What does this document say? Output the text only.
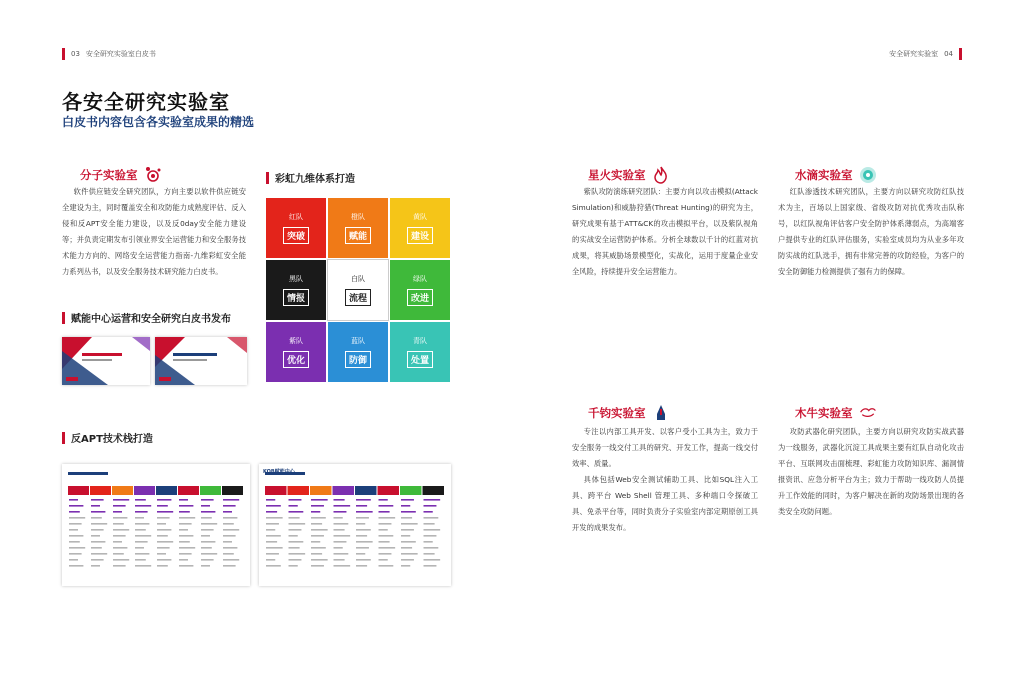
03 安全研究实验室白皮书	安全研究实验室 04
各安全研究实验室
白皮书内容包含各实验室成果的精选
分子实验室

软件供应链安全研究团队，方向主要以软件供应链安全建设为主，同时覆盖安全和攻防能力成熟度评估、反入侵和反APT安全能力建设，以及反0day安全能力建设等；并负责定期发布引领业界安全运营能力和安全服务技术能力方向的、网络安全运营能力指南-九维彩虹安全能力系列丛书，以及安全服务技术研究能力白皮书。

彩虹九维体系打造
红队
突破
橙队
赋能
黄队
建设
黑队
情报
白队
流程
绿队
改进
紫队
优化
蓝队
防御
青队
处置
赋能中心运营和安全研究白皮书发布
反APT技术栈打造
KOB赋能中心
星火实验室

紫队攻防演练研究团队：主要方向以攻击模拟(Attack Simulation)和威胁狩猎(Threat Hunting)的研究为主，研究成果有基于ATT&CK的攻击模拟平台，以及紫队视角的实战安全运营防护体系。分析全球数以千计的红蓝对抗成果，将其威胁场景模型化，实战化，运用于度量企业安全风险，持续提升安全运营能力。

水滴实验室

红队渗透技术研究团队，主要方向以研究攻防红队技术为主，百场以上国家级、省级攻防对抗优秀攻击队称号，以红队视角评估客户安全防护体系薄弱点，为高端客户提供专业的红队评估服务，实验室成员均为从业多年攻防实战的红队选手，拥有非常完善的攻防经验，为客户的安全防御能力检测提供了强有力的保障。

千钧实验室

专注以内部工具开发、以客户受小工具为主，致力于安全服务一线交付工具的研究、开发工作，提高一线交付效率、质量。

具体包括Web安全测试辅助工具、比如SQL注入工具、跨平台 Web Shell 管理工具、多种端口令探破工具、免杀平台等，同时负责分子实验室内部定期原创工具开发的成果发布。

木牛实验室

攻防武器化研究团队，主要方向以研究攻防实战武器为一线服务，武器化沉淀工具成果主要有红队自动化攻击平台、互联网攻击面梳理、彩虹能力攻防知识库、漏洞情报资讯、应急分析平台为主；致力于帮助一线攻防人员提升工作效能的同时，为客户解决在新的攻防场景出现的各类安全攻防问题。
